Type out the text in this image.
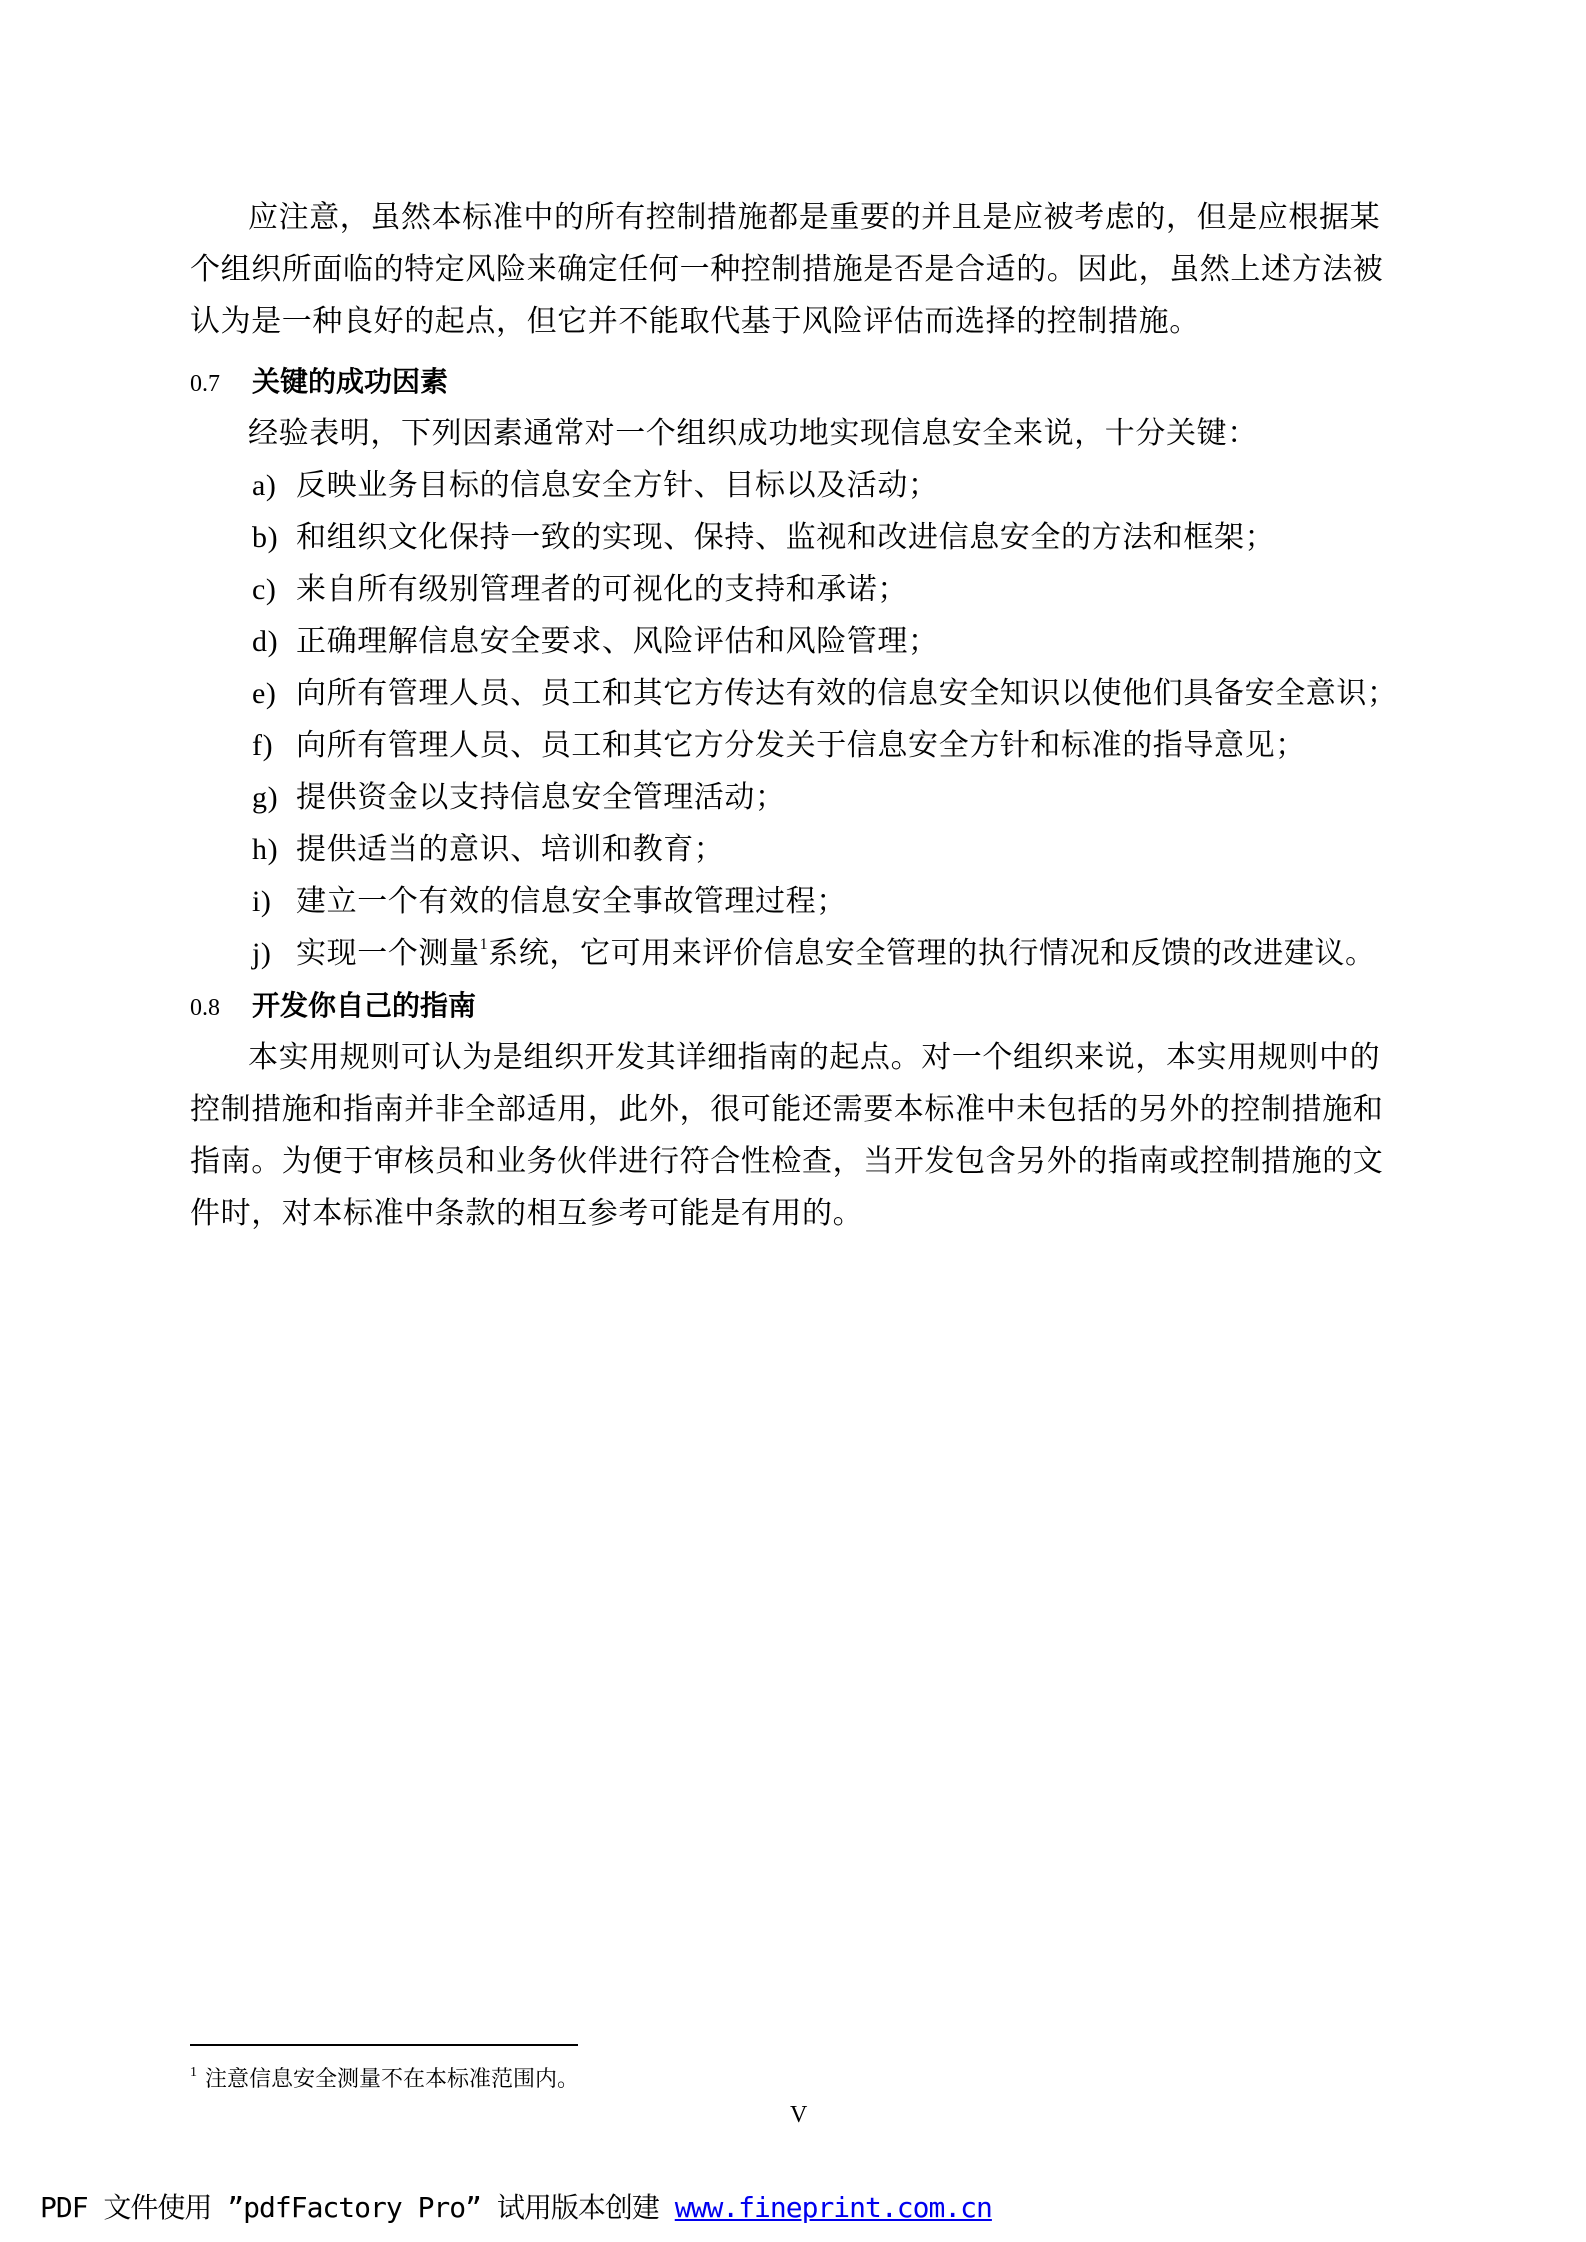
应注意，虽然本标准中的所有控制措施都是重要的并且是应被考虑的，但是应根据某
个组织所面临的特定风险来确定任何一种控制措施是否是合适的。因此，虽然上述方法被
认为是一种良好的起点，但它并不能取代基于风险评估而选择的控制措施。
0.7 关键的成功因素
经验表明，下列因素通常对一个组织成功地实现信息安全来说，十分关键：
a) 反映业务目标的信息安全方针、目标以及活动；
b) 和组织文化保持一致的实现、保持、监视和改进信息安全的方法和框架；
c) 来自所有级别管理者的可视化的支持和承诺；
d) 正确理解信息安全要求、风险评估和风险管理；
e) 向所有管理人员、员工和其它方传达有效的信息安全知识以使他们具备安全意识；
f) 向所有管理人员、员工和其它方分发关于信息安全方针和标准的指导意见；
g) 提供资金以支持信息安全管理活动；
h) 提供适当的意识、培训和教育；
i) 建立一个有效的信息安全事故管理过程；
j) 实现一个测量$^1$系统，它可用来评价信息安全管理的执行情况和反馈的改进建议。
0.8 开发你自己的指南
本实用规则可认为是组织开发其详细指南的起点。对一个组织来说，本实用规则中的
控制措施和指南并非全部适用，此外，很可能还需要本标准中未包括的另外的控制措施和
指南。为便于审核员和业务伙伴进行符合性检查，当开发包含另外的指南或控制措施的文
件时，对本标准中条款的相互参考可能是有用的。
$^1$ 注意信息安全测量不在本标准范围内。
V
PDF 文件使用 ”pdfFactory Pro” 试用版本创建 www.fineprint.com.cn
